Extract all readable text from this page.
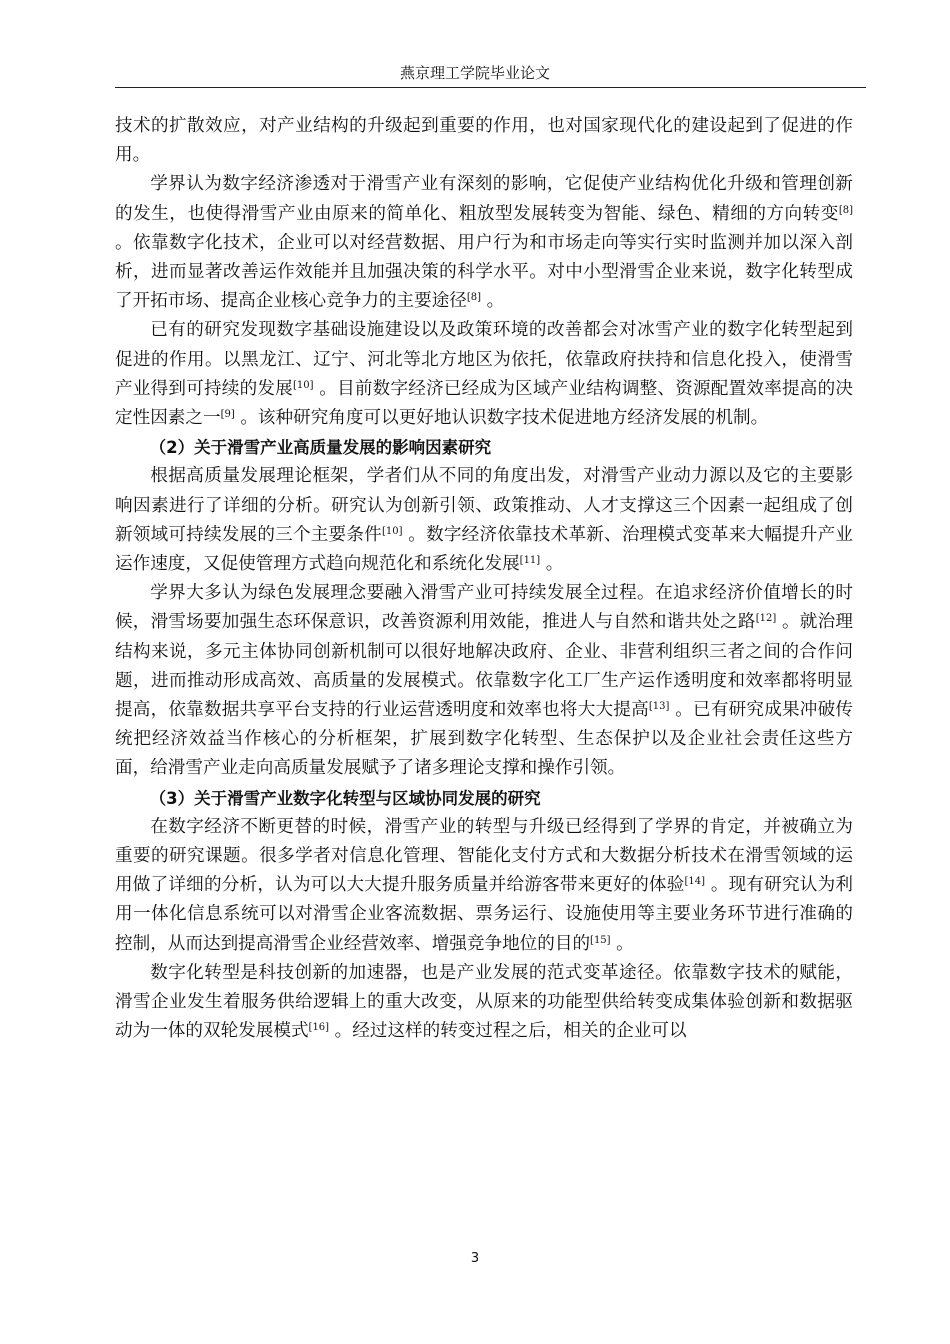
燕京理工学院毕业论文

技术的扩散效应，对产业结构的升级起到重要的作用，也对国家现代化的建设起到了促进的作用。

学界认为数字经济渗透对于滑雪产业有深刻的影响，它促使产业结构优化升级和管理创新的发生，也使得滑雪产业由原来的简单化、粗放型发展转变为智能、绿色、精细的方向转变[8] 。依靠数字化技术，企业可以对经营数据、用户行为和市场走向等实行实时监测并加以深入剖析，进而显著改善运作效能并且加强决策的科学水平。对中小型滑雪企业来说，数字化转型成了开拓市场、提高企业核心竞争力的主要途径[8] 。

已有的研究发现数字基础设施建设以及政策环境的改善都会对冰雪产业的数字化转型起到促进的作用。以黑龙江、辽宁、河北等北方地区为依托，依靠政府扶持和信息化投入，使滑雪产业得到可持续的发展[10] 。目前数字经济已经成为区域产业结构调整、资源配置效率提高的决定性因素之一[9] 。该种研究角度可以更好地认识数字技术促进地方经济发展的机制。

（2）关于滑雪产业高质量发展的影响因素研究

根据高质量发展理论框架，学者们从不同的角度出发，对滑雪产业动力源以及它的主要影响因素进行了详细的分析。研究认为创新引领、政策推动、人才支撑这三个因素一起组成了创新领域可持续发展的三个主要条件[10] 。数字经济依靠技术革新、治理模式变革来大幅提升产业运作速度，又促使管理方式趋向规范化和系统化发展[11] 。

学界大多认为绿色发展理念要融入滑雪产业可持续发展全过程。在追求经济价值增长的时候，滑雪场要加强生态环保意识，改善资源利用效能，推进人与自然和谐共处之路[12] 。就治理结构来说，多元主体协同创新机制可以很好地解决政府、企业、非营利组织三者之间的合作问题，进而推动形成高效、高质量的发展模式。依靠数字化工厂生产运作透明度和效率都将明显提高，依靠数据共享平台支持的行业运营透明度和效率也将大大提高[13] 。已有研究成果冲破传统把经济效益当作核心的分析框架，扩展到数字化转型、生态保护以及企业社会责任这些方面，给滑雪产业走向高质量发展赋予了诸多理论支撑和操作引领。

（3）关于滑雪产业数字化转型与区域协同发展的研究

在数字经济不断更替的时候，滑雪产业的转型与升级已经得到了学界的肯定，并被确立为重要的研究课题。很多学者对信息化管理、智能化支付方式和大数据分析技术在滑雪领域的运用做了详细的分析，认为可以大大提升服务质量并给游客带来更好的体验[14] 。现有研究认为利用一体化信息系统可以对滑雪企业客流数据、票务运行、设施使用等主要业务环节进行准确的控制，从而达到提高滑雪企业经营效率、增强竞争地位的目的[15] 。

数字化转型是科技创新的加速器，也是产业发展的范式变革途径。依靠数字技术的赋能，滑雪企业发生着服务供给逻辑上的重大改变，从原来的功能型供给转变成集体验创新和数据驱动为一体的双轮发展模式[16] 。经过这样的转变过程之后，相关的企业可以

3
